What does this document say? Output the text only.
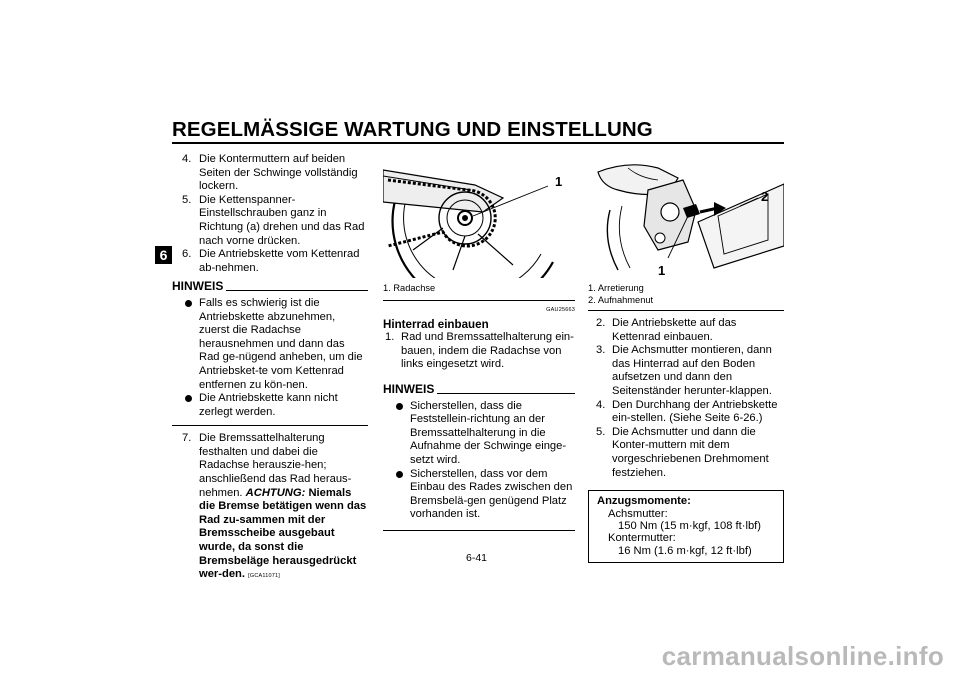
REGELMÄSSIGE WARTUNG UND EINSTELLUNG
6
4. Die Kontermuttern auf beiden Seiten der Schwinge vollständig lockern.
5. Die Kettenspanner-Einstellschrauben ganz in Richtung (a) drehen und das Rad nach vorne drücken.
6. Die Antriebskette vom Kettenrad ab-nehmen.
HINWEIS
Falls es schwierig ist die Antriebskette abzunehmen, zuerst die Radachse herausnehmen und dann das Rad ge-nügend anheben, um die Antriebsket-te vom Kettenrad entfernen zu kön-nen.
Die Antriebskette kann nicht zerlegt werden.
7. Die Bremssattelhalterung festhalten und dabei die Radachse herauszie-hen; anschließend das Rad heraus-nehmen. ACHTUNG: Niemals die Bremse betätigen wenn das Rad zu-sammen mit der Bremsscheibe ausgebaut wurde, da sonst die Bremsbeläge herausgedrückt wer-den. [GCA11071]
1
1. Radachse
GAU25663
Hinterrad einbauen
1. Rad und Bremssattelhalterung ein-bauen, indem die Radachse von links eingesetzt wird.
HINWEIS
Sicherstellen, dass die Feststellein-richtung an der Bremssattelhalterung in die Aufnahme der Schwinge einge-setzt wird.
Sicherstellen, dass vor dem Einbau des Rades zwischen den Bremsbelä-gen genügend Platz vorhanden ist.
1
2
1. Arretierung
2. Aufnahmenut
2. Die Antriebskette auf das Kettenrad einbauen.
3. Die Achsmutter montieren, dann das Hinterrad auf den Boden aufsetzen und dann den Seitenständer herunter-klappen.
4. Den Durchhang der Antriebskette ein-stellen. (Siehe Seite 6-26.)
5. Die Achsmutter und dann die Konter-muttern mit dem vorgeschriebenen Drehmoment festziehen.
Anzugsmomente:
Achsmutter:
150 Nm (15 m·kgf, 108 ft·lbf)
Kontermutter:
16 Nm (1.6 m·kgf, 12 ft·lbf)
6-41
carmanualsonline.info
